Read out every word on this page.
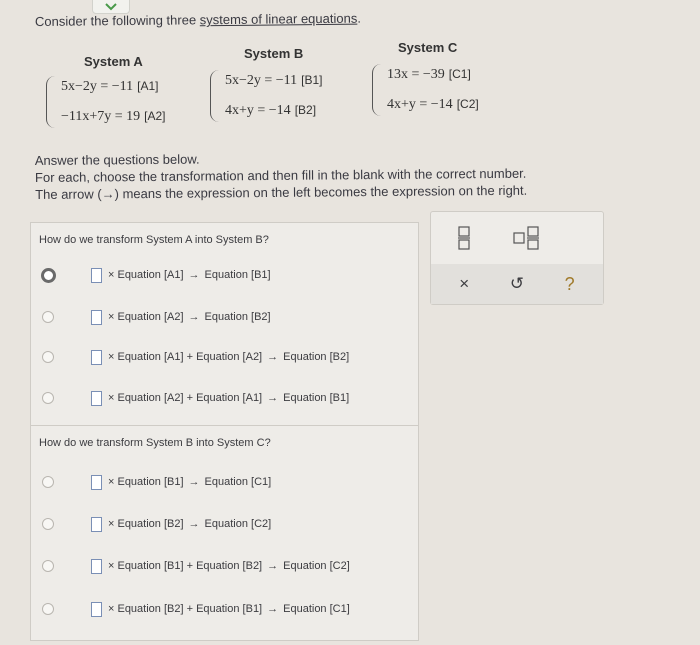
Consider the following three systems of linear equations.
System A
5x−2y = −11 [A1]
−11x+7y = 19 [A2]
System B
5x−2y = −11 [B1]
4x+y = −14 [B2]
System C
13x = −39 [C1]
4x+y = −14 [C2]
Answer the questions below.
For each, choose the transformation and then fill in the blank with the correct number.
The arrow (→) means the expression on the left becomes the expression on the right.
How do we transform System A into System B?
× Equation [A1] → Equation [B1]
× Equation [A2] → Equation [B2]
× Equation [A1] + Equation [A2] → Equation [B2]
× Equation [A2] + Equation [A1] → Equation [B1]
How do we transform System B into System C?
× Equation [B1] → Equation [C1]
× Equation [B2] → Equation [C2]
× Equation [B1] + Equation [B2] → Equation [C2]
× Equation [B2] + Equation [B1] → Equation [C1]
× ↺ ?
